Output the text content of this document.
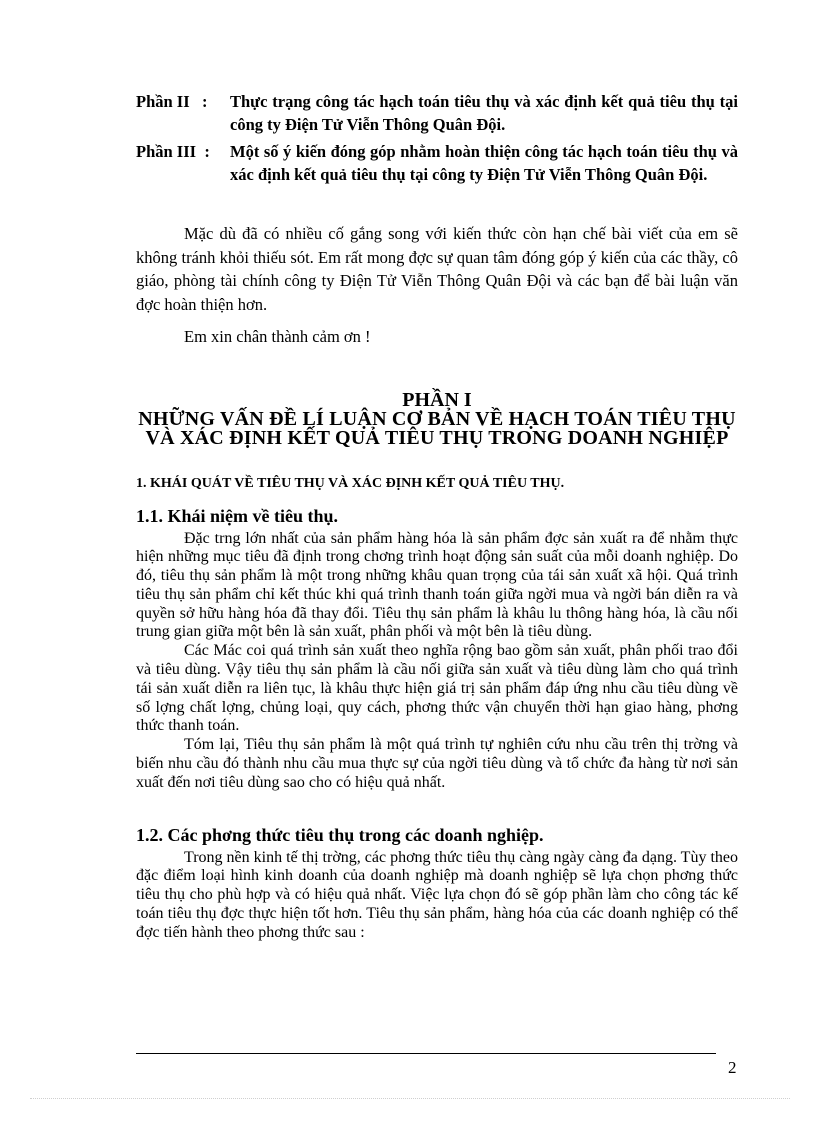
Phần II :	Thực trạng công tác hạch toán tiêu thụ và xác định kết quả tiêu thụ tại công ty Điện Tử Viễn Thông Quân Đội.
Phần III :	Một số ý kiến đóng góp nhằm hoàn thiện công tác hạch toán tiêu thụ và xác định kết quả tiêu thụ tại công ty Điện Tử Viễn Thông Quân Đội.

Mặc dù đã có nhiều cố gắng song với kiến thức còn hạn chế bài viết của em sẽ không tránh khỏi thiếu sót. Em rất mong đợc sự quan tâm đóng góp ý kiến của các thầy, cô giáo, phòng tài chính công ty Điện Tử Viễn Thông Quân Đội và các bạn để bài luận văn đợc hoàn thiện hơn.

Em xin chân thành cảm ơn !

PHẦN I
NHỮNG VẤN ĐỀ LÍ LUẬN CƠ BẢN VỀ HẠCH TOÁN TIÊU THỤ VÀ XÁC ĐỊNH KẾT QUẢ TIÊU THỤ TRONG DOANH NGHIỆP
1. KHÁI QUÁT VỀ TIÊU THỤ VÀ XÁC ĐỊNH KẾT QUẢ TIÊU THỤ.
1.1. Khái niệm về tiêu thụ.

Đặc trng lớn nhất của sản phẩm hàng hóa là sản phẩm đợc sản xuất ra để nhằm thực hiện những mục tiêu đã định trong chơng trình hoạt động sản suất của mỗi doanh nghiệp. Do đó, tiêu thụ sản phẩm là một trong những khâu quan trọng của tái sản xuất xã hội. Quá trình tiêu thụ sản phẩm chỉ kết thúc khi quá trình thanh toán giữa ngời mua và ngời bán diễn ra và quyền sở hữu hàng hóa đã thay đổi. Tiêu thụ sản phẩm là khâu lu thông hàng hóa, là cầu nối trung gian giữa một bên là sản xuất, phân phối và một bên là tiêu dùng.

Các Mác coi quá trình sản xuất theo nghĩa rộng bao gồm sản xuất, phân phối trao đổi và tiêu dùng. Vậy tiêu thụ sản phẩm là cầu nối giữa sản xuất và tiêu dùng làm cho quá trình tái sản xuất diễn ra liên tục, là khâu thực hiện giá trị sản phẩm đáp ứng nhu cầu tiêu dùng về số lợng chất lợng, chủng loại, quy cách, phơng thức vận chuyển thời hạn giao hàng, phơng thức thanh toán.

Tóm lại, Tiêu thụ sản phẩm là một quá trình tự nghiên cứu nhu cầu trên thị trờng và biến nhu cầu đó thành nhu cầu mua thực sự của ngời tiêu dùng và tổ chức đa hàng từ nơi sản xuất đến nơi tiêu dùng sao cho có hiệu quả nhất.

1.2. Các phơng thức tiêu thụ trong các doanh nghiệp.

Trong nền kinh tế thị trờng, các phơng thức tiêu thụ càng ngày càng đa dạng. Tùy theo đặc điểm loại hình kinh doanh của doanh nghiệp mà doanh nghiệp sẽ lựa chọn phơng thức tiêu thụ cho phù hợp và có hiệu quả nhất. Việc lựa chọn đó sẽ góp phần làm cho công tác kế toán tiêu thụ đợc thực hiện tốt hơn. Tiêu thụ sản phẩm, hàng hóa của các doanh nghiệp có thể đợc tiến hành theo phơng thức sau :

2
